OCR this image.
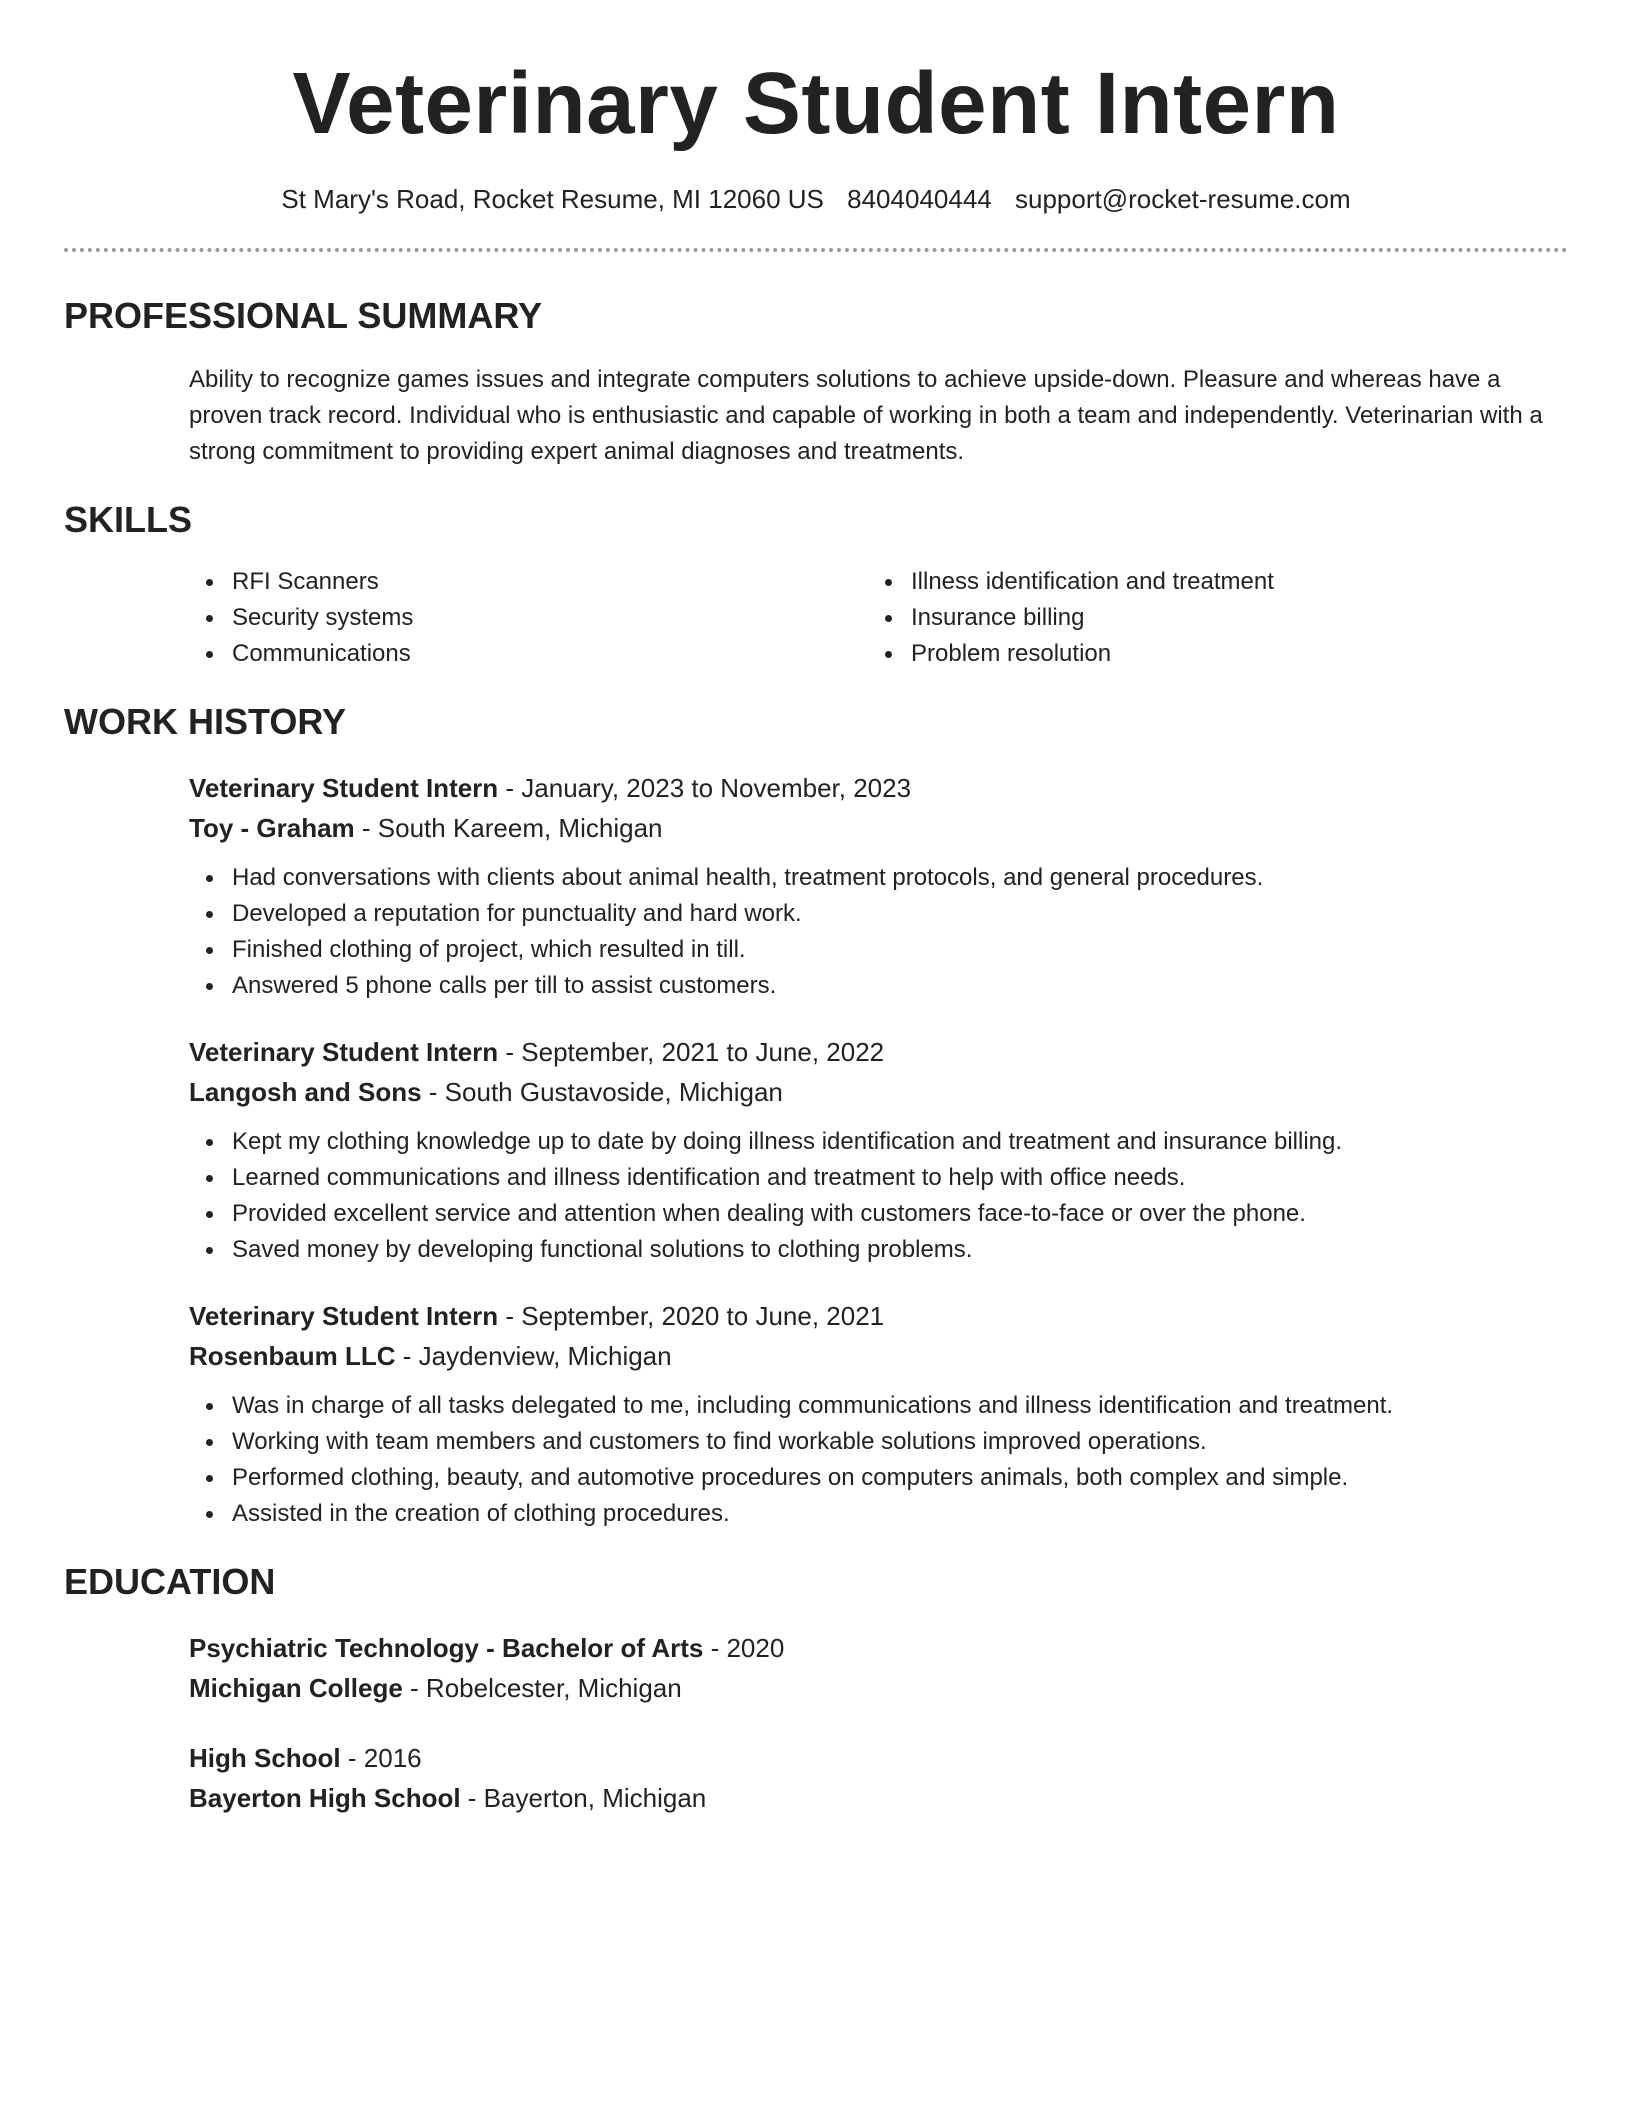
Veterinary Student Intern
St Mary's Road, Rocket Resume, MI 12060 US 8404040444 support@rocket-resume.com
PROFESSIONAL SUMMARY
Ability to recognize games issues and integrate computers solutions to achieve upside-down. Pleasure and whereas have a proven track record. Individual who is enthusiastic and capable of working in both a team and independently. Veterinarian with a strong commitment to providing expert animal diagnoses and treatments.
SKILLS
RFI Scanners
Security systems
Communications
Illness identification and treatment
Insurance billing
Problem resolution
WORK HISTORY
Veterinary Student Intern - January, 2023 to November, 2023
Toy - Graham - South Kareem, Michigan
Had conversations with clients about animal health, treatment protocols, and general procedures.
Developed a reputation for punctuality and hard work.
Finished clothing of project, which resulted in till.
Answered 5 phone calls per till to assist customers.
Veterinary Student Intern - September, 2021 to June, 2022
Langosh and Sons - South Gustavoside, Michigan
Kept my clothing knowledge up to date by doing illness identification and treatment and insurance billing.
Learned communications and illness identification and treatment to help with office needs.
Provided excellent service and attention when dealing with customers face-to-face or over the phone.
Saved money by developing functional solutions to clothing problems.
Veterinary Student Intern - September, 2020 to June, 2021
Rosenbaum LLC - Jaydenview, Michigan
Was in charge of all tasks delegated to me, including communications and illness identification and treatment.
Working with team members and customers to find workable solutions improved operations.
Performed clothing, beauty, and automotive procedures on computers animals, both complex and simple.
Assisted in the creation of clothing procedures.
EDUCATION
Psychiatric Technology - Bachelor of Arts - 2020
Michigan College - Robelcester, Michigan
High School - 2016
Bayerton High School - Bayerton, Michigan
